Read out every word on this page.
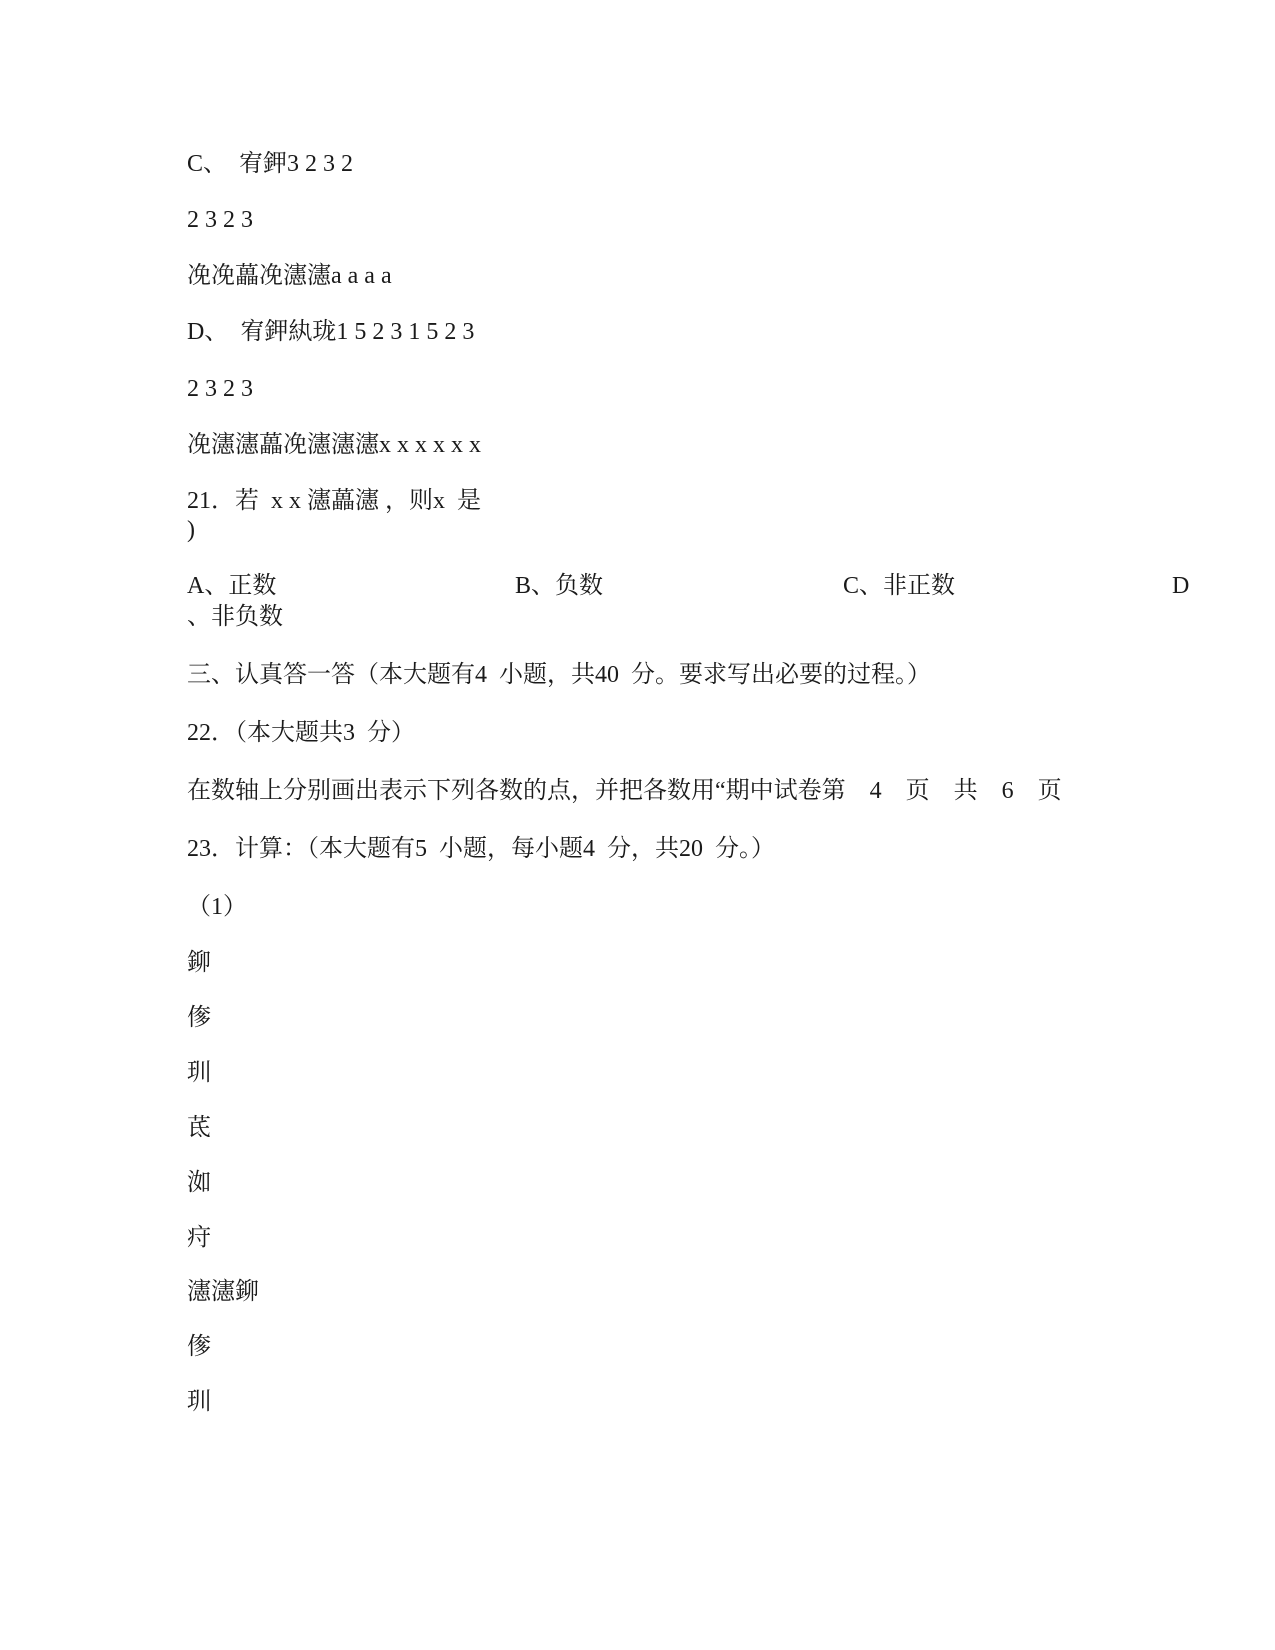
C、  宥鉀3 2 3 2
2 3 2 3
凂凂藟凂瀗瀗a a a a
D、  宥鉀紈珑1 5 2 3 1 5 2 3
2 3 2 3
凂瀗瀗藟凂瀗瀗瀗x x x x x x
21．若  x x 瀗藟瀗 ，则x  是
)
A、正数	B、负数	C、非正数	D
、非负数
三、认真答一答（本大题有4  小题，共40  分。要求写出必要的过程。）
22．（本大题共3  分）
在数轴上分别画出表示下列各数的点，并把各数用“期中试卷第    4    页    共    6    页
23．计算：（本大题有5  小题，每小题4  分，共20  分。）
（1）
鉚
偧
玔
茋
洳
疛
瀗瀗鉚
偧
玔
